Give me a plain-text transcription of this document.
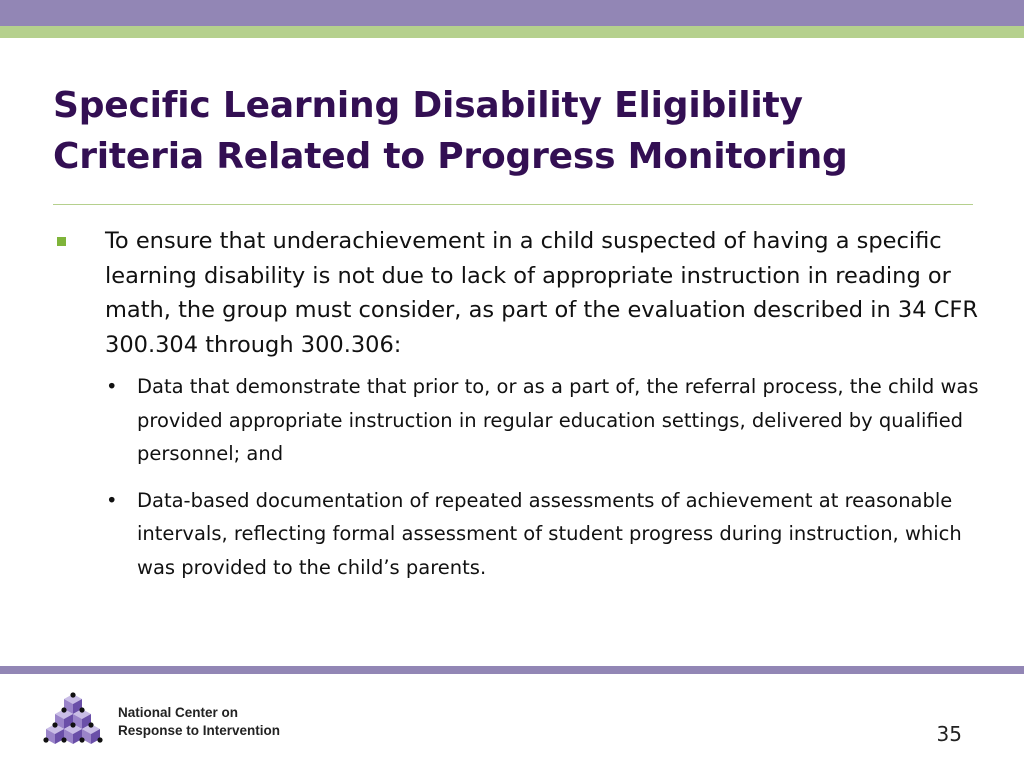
Specific Learning Disability Eligibility
Criteria Related to Progress Monitoring
To ensure that underachievement in a child suspected of having a specific learning disability is not due to lack of appropriate instruction in reading or math, the group must consider, as part of the evaluation described in 34 CFR 300.304 through 300.306:
• Data that demonstrate that prior to, or as a part of, the referral process, the child was provided appropriate instruction in regular education settings, delivered by qualified personnel; and
• Data-based documentation of repeated assessments of achievement at reasonable intervals, reflecting formal assessment of student progress during instruction, which was provided to the child’s parents.
National Center on
Response to Intervention	35
